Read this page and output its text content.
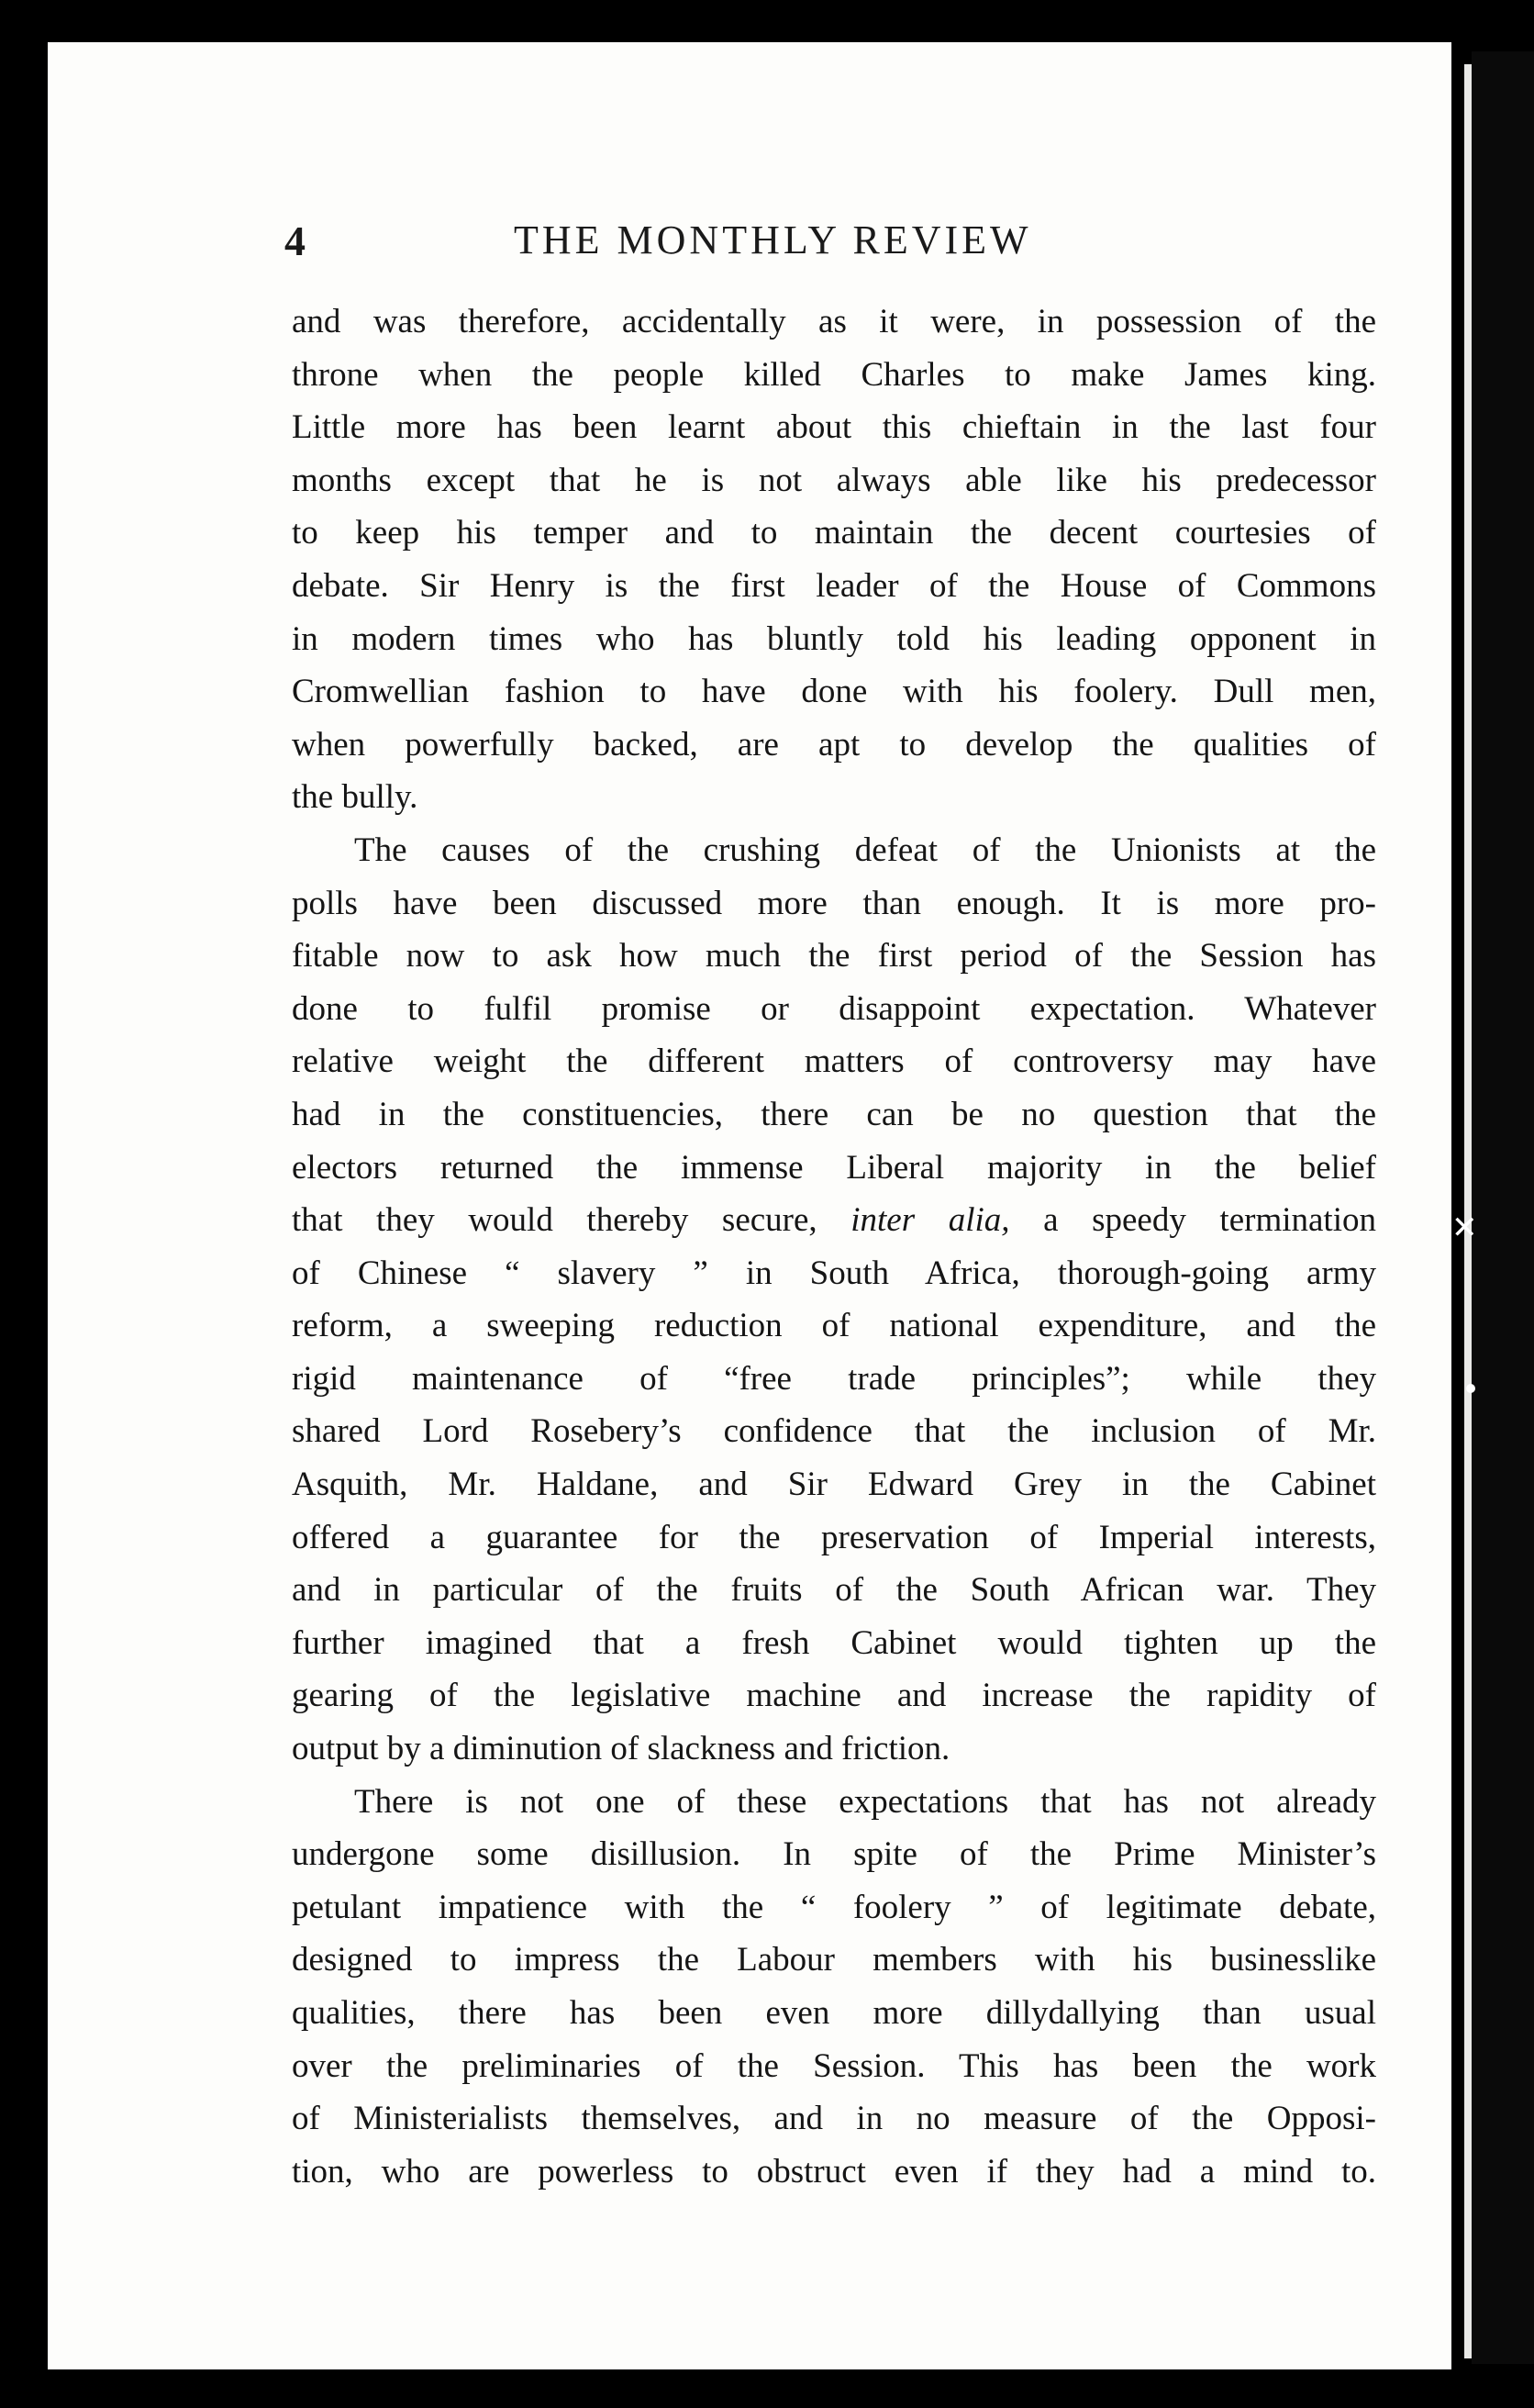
✕
4	THE MONTHLY REVIEW
and was therefore, accidentally as it were, in possession of the
throne when the people killed Charles to make James king.
Little more has been learnt about this chieftain in the last four
months except that he is not always able like his predecessor
to keep his temper and to maintain the decent courtesies of
debate. Sir Henry is the first leader of the House of Commons
in modern times who has bluntly told his leading opponent in
Cromwellian fashion to have done with his foolery. Dull men,
when powerfully backed, are apt to develop the qualities of
the bully.
The causes of the crushing defeat of the Unionists at the
polls have been discussed more than enough. It is more pro-
fitable now to ask how much the first period of the Session has
done to fulfil promise or disappoint expectation. Whatever
relative weight the different matters of controversy may have
had in the constituencies, there can be no question that the
electors returned the immense Liberal majority in the belief
that they would thereby secure, inter alia, a speedy termination
of Chinese “ slavery ” in South Africa, thorough-going army
reform, a sweeping reduction of national expenditure, and the
rigid maintenance of “free trade principles”; while they
shared Lord Rosebery’s confidence that the inclusion of Mr.
Asquith, Mr. Haldane, and Sir Edward Grey in the Cabinet
offered a guarantee for the preservation of Imperial interests,
and in particular of the fruits of the South African war. They
further imagined that a fresh Cabinet would tighten up the
gearing of the legislative machine and increase the rapidity of
output by a diminution of slackness and friction.
There is not one of these expectations that has not already
undergone some disillusion. In spite of the Prime Minister’s
petulant impatience with the “ foolery ” of legitimate debate,
designed to impress the Labour members with his businesslike
qualities, there has been even more dillydallying than usual
over the preliminaries of the Session. This has been the work
of Ministerialists themselves, and in no measure of the Opposi-
tion, who are powerless to obstruct even if they had a mind to.
